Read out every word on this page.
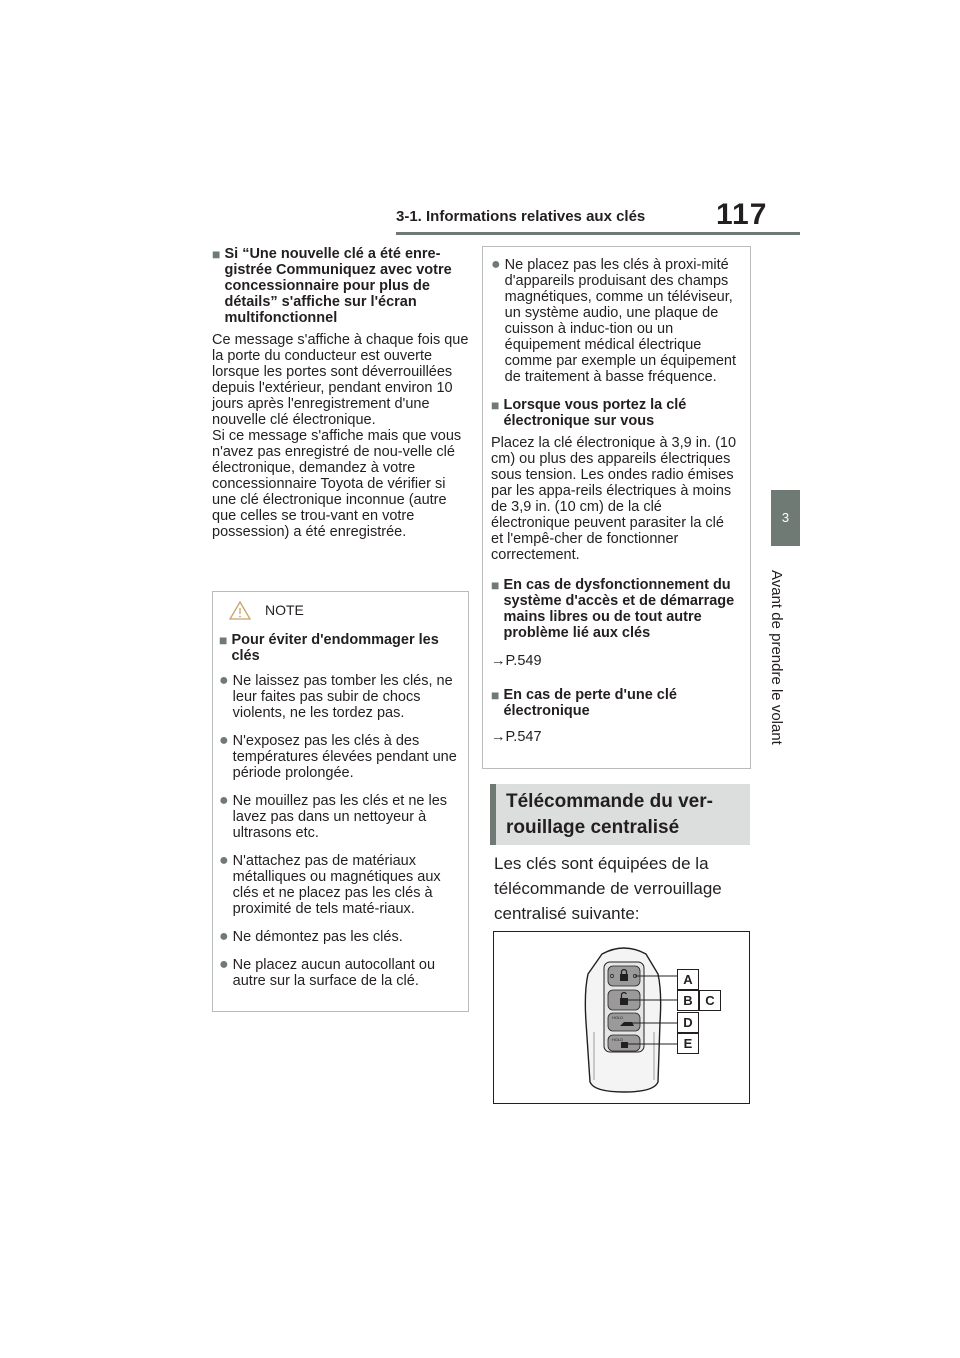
3-1. Informations relatives aux clés 117
3
Avant de prendre le volant
■ Si “Une nouvelle clé a été enre-gistrée Communiquez avec votre concessionnaire pour plus de détails” s'affiche sur l'écran multifonctionnel

Ce message s'affiche à chaque fois que la porte du conducteur est ouverte lorsque les portes sont déverrouillées depuis l'extérieur, pendant environ 10 jours après l'enregistrement d'une nouvelle clé électronique.

Si ce message s'affiche mais que vous n'avez pas enregistré de nou-velle clé électronique, demandez à votre concessionnaire Toyota de vérifier si une clé électronique inconnue (autre que celles se trou-vant en votre possession) a été enregistrée.

NOTE
■ Pour éviter d'endommager les clés
● Ne laissez pas tomber les clés, ne leur faites pas subir de chocs violents, ne les tordez pas.
● N'exposez pas les clés à des températures élevées pendant une période prolongée.
● Ne mouillez pas les clés et ne les lavez pas dans un nettoyeur à ultrasons etc.
● N'attachez pas de matériaux métalliques ou magnétiques aux clés et ne placez pas les clés à proximité de tels maté-riaux.
● Ne démontez pas les clés.
● Ne placez aucun autocollant ou autre sur la surface de la clé.
● Ne placez pas les clés à proxi-mité d'appareils produisant des champs magnétiques, comme un téléviseur, un système audio, une plaque de cuisson à induc-tion ou un équipement médical électrique comme par exemple un équipement de traitement à basse fréquence.
■ Lorsque vous portez la clé électronique sur vous

Placez la clé électronique à 3,9 in. (10 cm) ou plus des appareils électriques sous tension. Les ondes radio émises par les appa-reils électriques à moins de 3,9 in. (10 cm) de la clé électronique peuvent parasiter la clé et l'empê-cher de fonctionner correctement.

■ En cas de dysfonctionnement du système d'accès et de démarrage mains libres ou de tout autre problème lié aux clés

→P.549

■ En cas de perte d'une clé électronique

→P.547

Télécommande du ver-rouillage centralisé
Les clés sont équipées de la télécommande de verrouillage centralisé suivante:
HOLD
HOLD
A
B C
D
E
